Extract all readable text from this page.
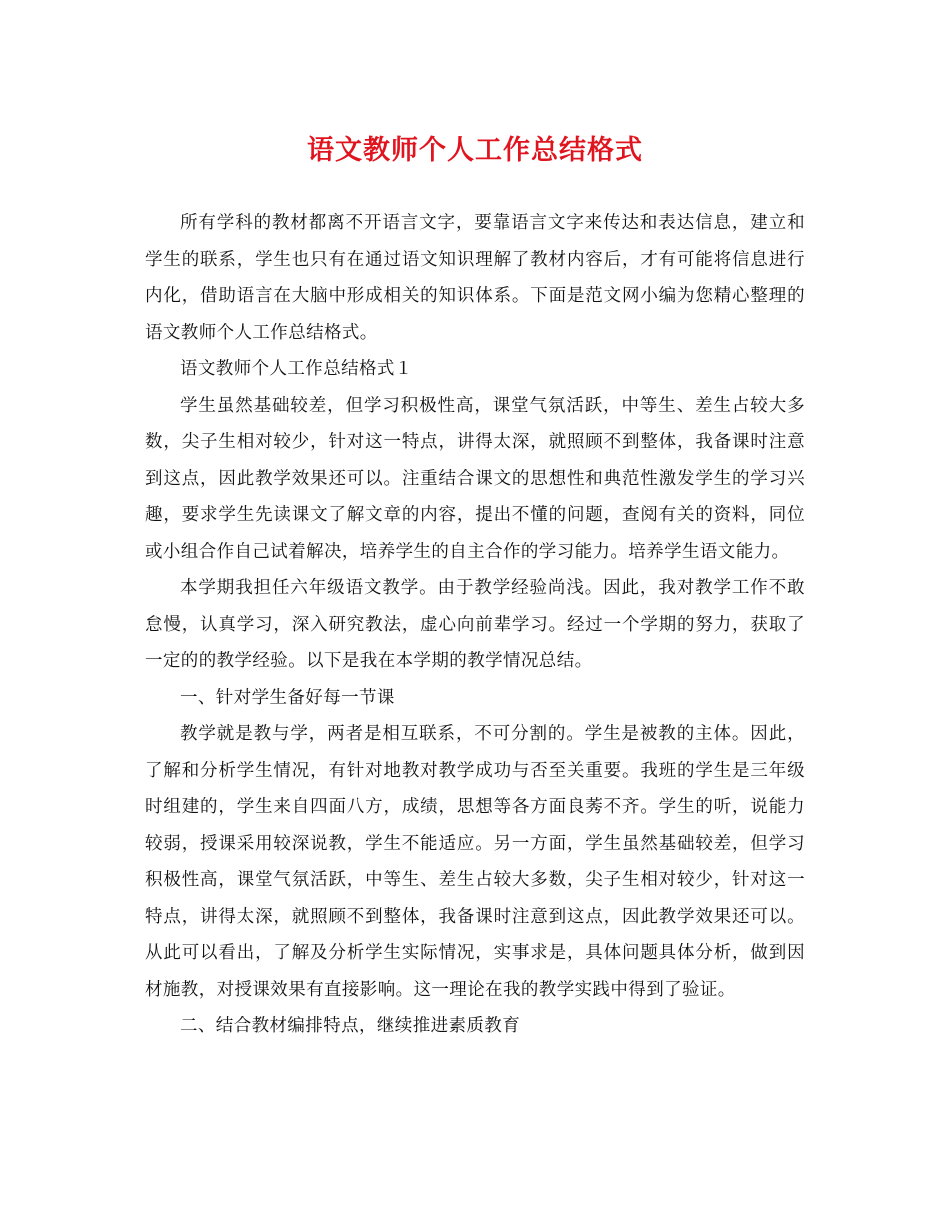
语文教师个人工作总结格式

所有学科的教材都离不开语言文字，要靠语言文字来传达和表达信息，建立和学生的联系，学生也只有在通过语文知识理解了教材内容后，才有可能将信息进行内化，借助语言在大脑中形成相关的知识体系。下面是范文网小编为您精心整理的语文教师个人工作总结格式。

语文教师个人工作总结格式１

学生虽然基础较差，但学习积极性高，课堂气氛活跃，中等生、差生占较大多数，尖子生相对较少，针对这一特点，讲得太深，就照顾不到整体，我备课时注意到这点，因此教学效果还可以。注重结合课文的思想性和典范性激发学生的学习兴趣，要求学生先读课文了解文章的内容，提出不懂的问题，查阅有关的资料，同位或小组合作自己试着解决，培养学生的自主合作的学习能力。培养学生语文能力。

本学期我担任六年级语文教学。由于教学经验尚浅。因此，我对教学工作不敢怠慢，认真学习，深入研究教法，虚心向前辈学习。经过一个学期的努力，获取了一定的的教学经验。以下是我在本学期的教学情况总结。

一、针对学生备好每一节课

教学就是教与学，两者是相互联系，不可分割的。学生是被教的主体。因此，了解和分析学生情况，有针对地教对教学成功与否至关重要。我班的学生是三年级时组建的，学生来自四面八方，成绩，思想等各方面良莠不齐。学生的听，说能力较弱，授课采用较深说教，学生不能适应。另一方面，学生虽然基础较差，但学习积极性高，课堂气氛活跃，中等生、差生占较大多数，尖子生相对较少，针对这一特点，讲得太深，就照顾不到整体，我备课时注意到这点，因此教学效果还可以。从此可以看出，了解及分析学生实际情况，实事求是，具体问题具体分析，做到因材施教，对授课效果有直接影响。这一理论在我的教学实践中得到了验证。

二、结合教材编排特点，继续推进素质教育
